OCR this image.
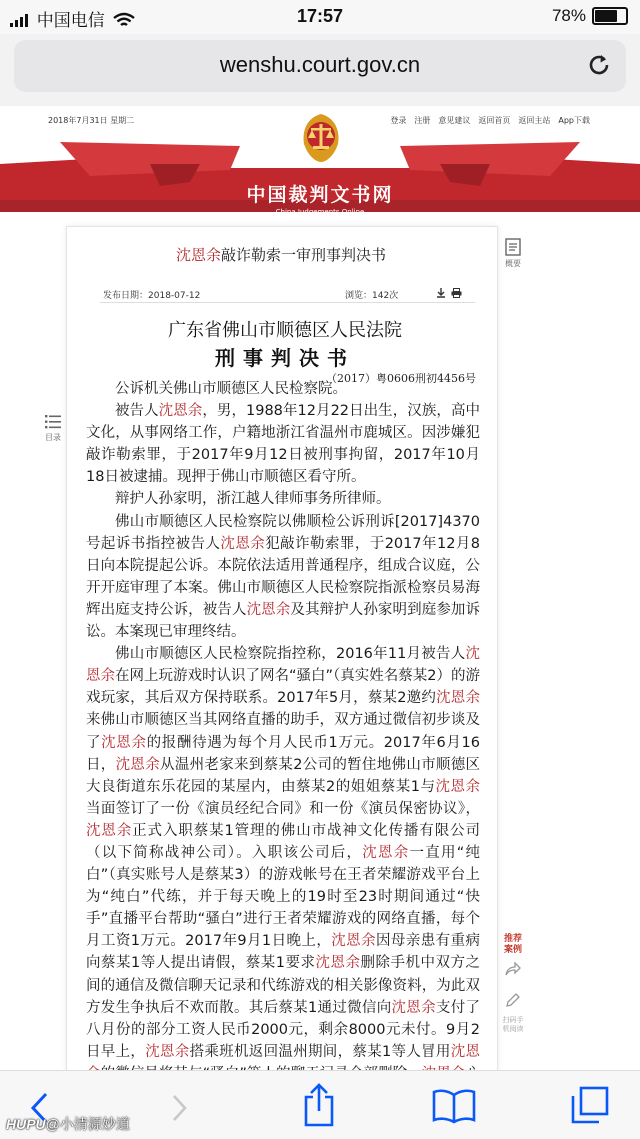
中国电信	17:57	78%
wenshu.court.gov.cn
2018年7月31日 星期二	登录 注册 意见建议 返回首页 返回主站 App下载
中国裁判文书网
China Judgements Online
沈恩余敲诈勒索一审刑事判决书
发布日期：2018-07-12	浏览：142次
广东省佛山市顺德区人民法院
刑事判决书
（2017）粤0606刑初4456号

公诉机关佛山市顺德区人民检察院。

被告人沈恩余，男，1988年12月22日出生，汉族，高中文化，从事网络工作，户籍地浙江省温州市鹿城区。因涉嫌犯敲诈勒索罪，于2017年9月12日被刑事拘留，2017年10月18日被逮捕。现押于佛山市顺德区看守所。

辩护人孙家明，浙江越人律师事务所律师。

佛山市顺德区人民检察院以佛顺检公诉刑诉[2017]4370号起诉书指控被告人沈恩余犯敲诈勒索罪，于2017年12月8日向本院提起公诉。本院依法适用普通程序，组成合议庭，公开开庭审理了本案。佛山市顺德区人民检察院指派检察员易海辉出庭支持公诉，被告人沈恩余及其辩护人孙家明到庭参加诉讼。本案现已审理终结。

佛山市顺德区人民检察院指控称，2016年11月被告人沈恩余在网上玩游戏时认识了网名“骚白”（真实姓名蔡某2）的游戏玩家，其后双方保持联系。2017年5月，蔡某2邀约沈恩余来佛山市顺德区当其网络直播的助手，双方通过微信初步谈及了沈恩余的报酬待遇为每个月人民币1万元。2017年6月16日，沈恩余从温州老家来到蔡某2公司的暂住地佛山市顺德区大良街道东乐花园的某屋内，由蔡某2的姐姐蔡某1与沈恩余当面签订了一份《演员经纪合同》和一份《演员保密协议》，沈恩余正式入职蔡某1管理的佛山市战神文化传播有限公司（以下简称战神公司）。入职该公司后，沈恩余一直用“纯白”（真实账号人是蔡某3）的游戏帐号在王者荣耀游戏平台上为“纯白”代练，并于每天晚上的19时至23时期间通过“快手”直播平台帮助“骚白”进行王者荣耀游戏的网络直播，每个月工资1万元。2017年9月1日晚上，沈恩余因母亲患有重病向蔡某1等人提出请假，蔡某1要求沈恩余删除手机中双方之间的通信及微信聊天记录和代练游戏的相关影像资料，为此双方发生争执后不欢而散。其后蔡某1通过微信向沈恩余支付了八月份的部分工资人民币2000元，剩余8000元未付。9月2日早上，沈恩余搭乘班机返回温州期间，蔡某1等人冒用沈恩

目录
概要
推荐案例

扫码手机阅读
HUPU@小清源妙道
